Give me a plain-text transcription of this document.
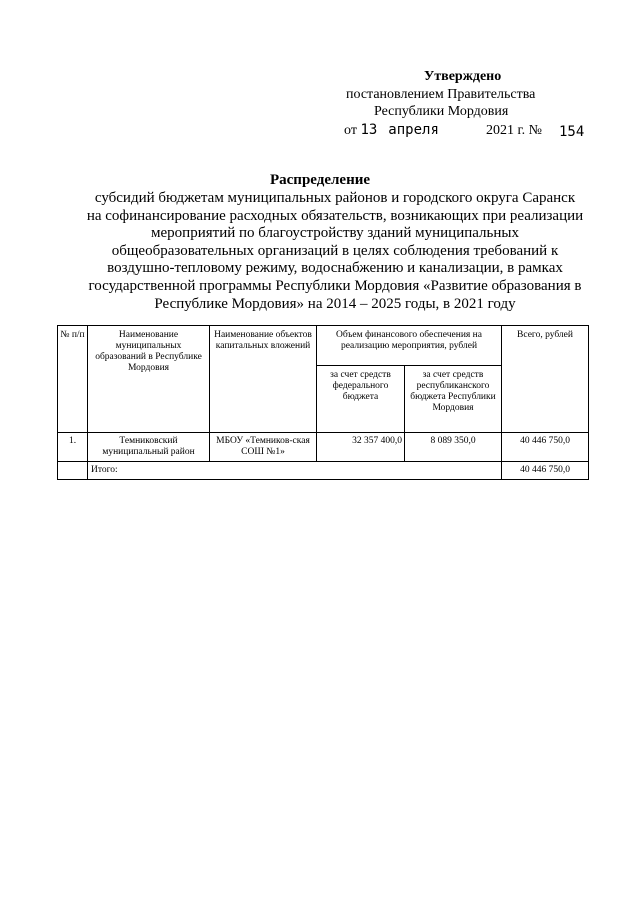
Утверждено
постановлением Правительства
Республики Мордовия
от 13 апреля	2021 г. № 154
Распределение
субсидий бюджетам муниципальных районов и городского округа Саранск
на софинансирование расходных обязательств, возникающих при реализации
мероприятий по благоустройству зданий муниципальных
общеобразовательных организаций в целях соблюдения требований к
воздушно-тепловому режиму, водоснабжению и канализации, в рамках
государственной программы Республики Мордовия «Развитие образования в
Республике Мордовия» на 2014 – 2025 годы, в 2021 году
№ п/п	Наименование муниципальных образований в Республике Мордовия	Наименование объектов капитальных вложений	Объем финансового обеспечения на реализацию мероприятия, рублей		Всего, рублей
			за счет средств федерального бюджета	за счет средств республиканского бюджета Республики Мордовия	
1.	Темниковский муниципальный район	МБОУ «Темников-ская СОШ №1»	32 357 400,0	8 089 350,0	40 446 750,0
	Итого:				40 446 750,0
